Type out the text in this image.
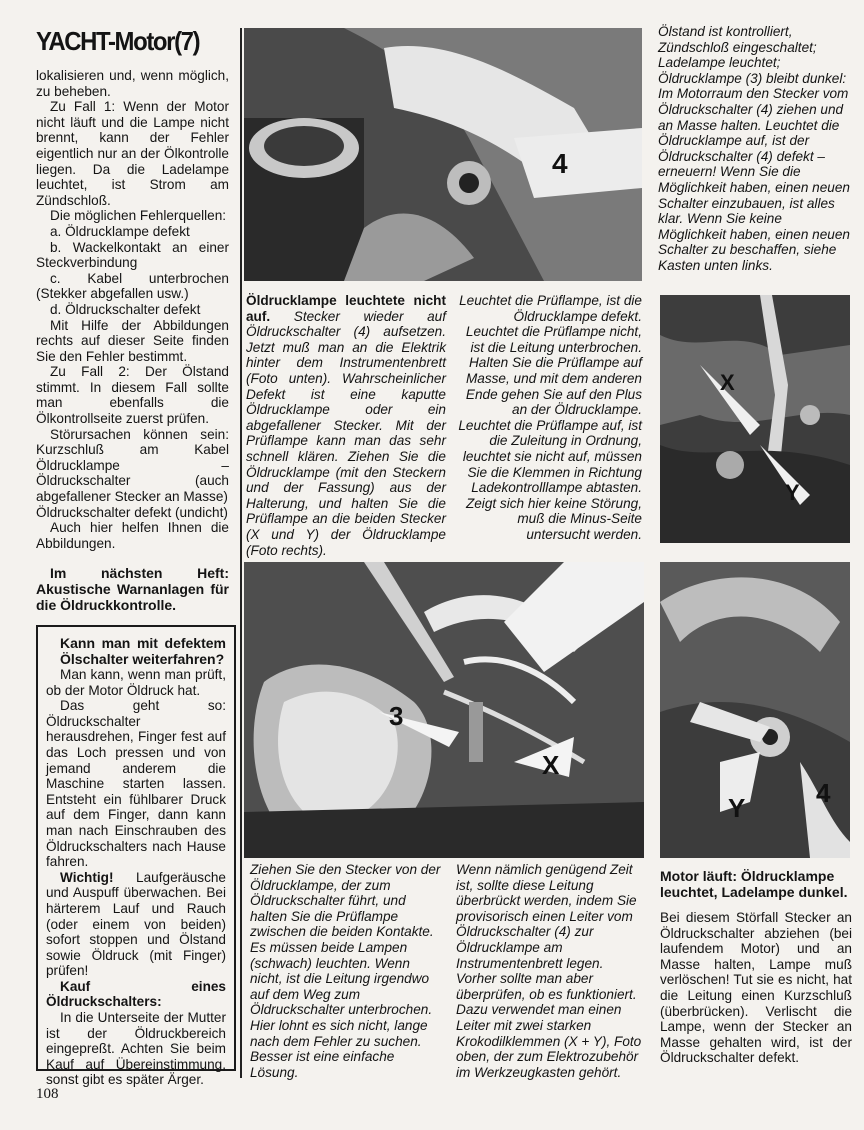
YACHT-Motor(7)

lokalisieren und, wenn möglich, zu beheben.

Zu Fall 1: Wenn der Motor nicht läuft und die Lampe nicht brennt, kann der Fehler eigentlich nur an der Ölkontrolle liegen. Da die Ladelampe leuchtet, ist Strom am Zündschloß.

Die möglichen Fehlerquellen:

a. Öldrucklampe defekt

b. Wackelkontakt an einer Steckverbindung

c. Kabel unterbrochen (Stekker abgefallen usw.)

d. Öldruckschalter defekt

Mit Hilfe der Abbildungen rechts auf dieser Seite finden Sie den Fehler bestimmt.

Zu Fall 2: Der Ölstand stimmt. In diesem Fall sollte man ebenfalls die Ölkontrollseite zuerst prüfen.

Störursachen können sein: Kurzschluß am Kabel Öldrucklampe – Öldruckschalter (auch abgefallener Stecker an Masse)

Öldruckschalter defekt (undicht)

Auch hier helfen Ihnen die Abbildungen.

Im nächsten Heft: Akustische Warnanlagen für die Öldruckkontrolle.

Kann man mit defektem Ölschalter weiterfahren?

Man kann, wenn man prüft, ob der Motor Öldruck hat.

Das geht so: Öldruckschalter herausdrehen, Finger fest auf das Loch pressen und von jemand anderem die Maschine starten lassen. Entsteht ein fühlbarer Druck auf dem Finger, dann kann man nach Einschrauben des Öldruckschalters nach Hause fahren.

Wichtig! Laufgeräusche und Auspuff überwachen. Bei härterem Lauf und Rauch (oder einem von beiden) sofort stoppen und Ölstand sowie Öldruck (mit Finger) prüfen!

Kauf eines Öldruckschalters:

In die Unterseite der Mutter ist der Öldruckbereich eingepreßt. Achten Sie beim Kauf auf Übereinstimmung, sonst gibt es später Ärger.

4
X
Y
3
X
Y	4

Öldrucklampe leuchtete nicht auf. Stecker wieder auf Öldruckschalter (4) aufsetzen. Jetzt muß man an die Elektrik hinter dem Instrumentenbrett (Foto unten). Wahrscheinlicher Defekt ist eine kaputte Öldrucklampe oder ein abgefallener Stecker. Mit der Prüflampe kann man das sehr schnell klären. Ziehen Sie die Öldrucklampe (mit den Steckern und der Fassung) aus der Halterung, und halten Sie die Prüflampe an die beiden Stecker (X und Y) der Öldrucklampe (Foto rechts).

Leuchtet die Prüflampe, ist die Öldrucklampe defekt. Leuchtet die Prüflampe nicht, ist die Leitung unterbrochen. Halten Sie die Prüflampe auf Masse, und mit dem anderen Ende gehen Sie auf den Plus an der Öldrucklampe. Leuchtet die Prüflampe auf, ist die Zuleitung in Ordnung, leuchtet sie nicht auf, müssen Sie die Klemmen in Richtung Ladekontrolllampe abtasten. Zeigt sich hier keine Störung, muß die Minus-Seite untersucht werden.

Ölstand ist kontrolliert, Zündschloß eingeschaltet; Ladelampe leuchtet; Öldrucklampe (3) bleibt dunkel: Im Motorraum den Stecker vom Öldruckschalter (4) ziehen und an Masse halten. Leuchtet die Öldrucklampe auf, ist der Öldruckschalter (4) defekt – erneuern! Wenn Sie die Möglichkeit haben, einen neuen Schalter einzubauen, ist alles klar. Wenn Sie keine Möglichkeit haben, einen neuen Schalter zu beschaffen, siehe Kasten unten links.

Ziehen Sie den Stecker von der Öldrucklampe, der zum Öldruckschalter führt, und halten Sie die Prüflampe zwischen die beiden Kontakte. Es müssen beide Lampen (schwach) leuchten. Wenn nicht, ist die Leitung irgendwo auf dem Weg zum Öldruckschalter unterbrochen. Hier lohnt es sich nicht, lange nach dem Fehler zu suchen. Besser ist eine einfache Lösung.

Wenn nämlich genügend Zeit ist, sollte diese Leitung überbrückt werden, indem Sie provisorisch einen Leiter vom Öldruckschalter (4) zur Öldrucklampe am Instrumentenbrett legen. Vorher sollte man aber überprüfen, ob es funktioniert. Dazu verwendet man einen Leiter mit zwei starken Krokodilklemmen (X + Y), Foto oben, der zum Elektrozubehör im Werkzeugkasten gehört.

Motor läuft: Öldrucklampe leuchtet, Ladelampe dunkel.

Bei diesem Störfall Stecker an Öldruckschalter abziehen (bei laufendem Motor) und an Masse halten, Lampe muß verlöschen! Tut sie es nicht, hat die Leitung einen Kurzschluß (überbrücken). Verlischt die Lampe, wenn der Stecker an Masse gehalten wird, ist der Öldruckschalter defekt.

108
